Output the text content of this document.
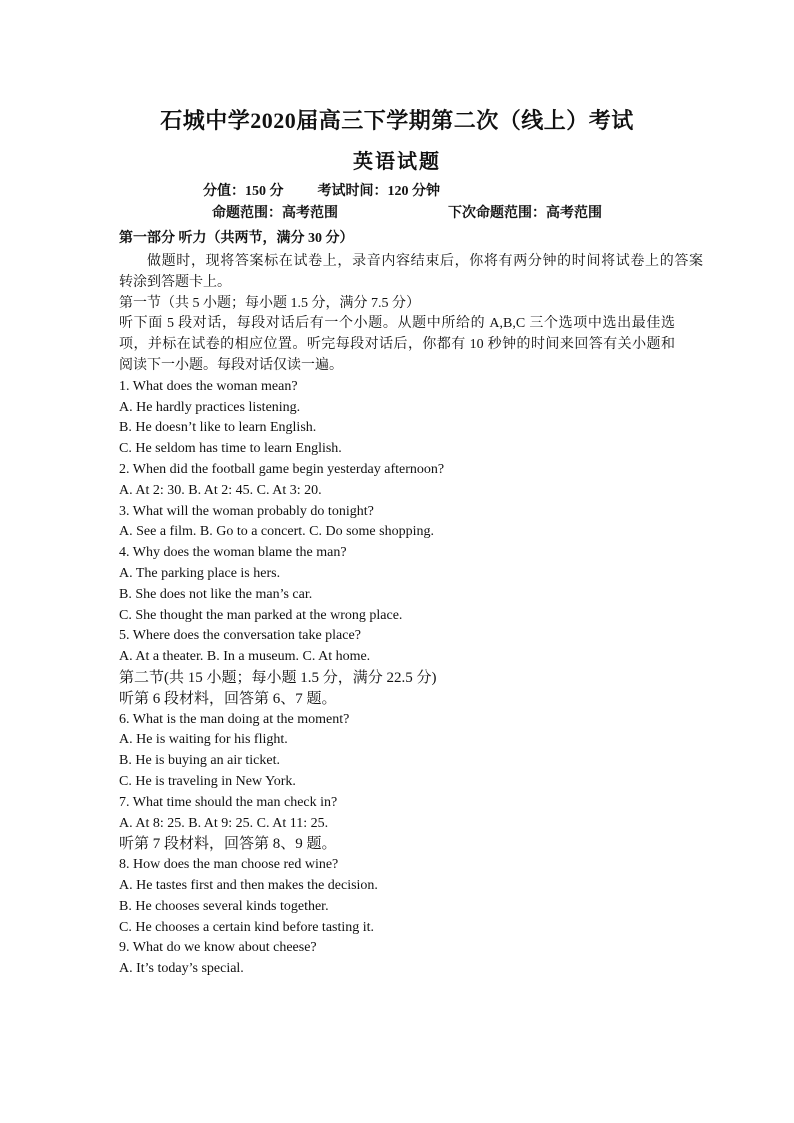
石城中学2020届高三下学期第二次（线上）考试
英语试题
分值：150 分 考试时间：120 分钟
命题范围：高考范围	下次命题范围：高考范围
第一部分 听力（共两节，满分 30 分）
做题时，现将答案标在试卷上，录音内容结束后，你将有两分钟的时间将试卷上的答案
转涂到答题卡上。
第一节（共 5 小题；每小题 1.5 分，满分 7.5 分）
听下面 5 段对话，每段对话后有一个小题。从题中所给的 A,B,C 三个选项中选出最佳选
项，并标在试卷的相应位置。听完每段对话后，你都有 10 秒钟的时间来回答有关小题和
阅读下一小题。每段对话仅读一遍。
1. What does the woman mean?
A. He hardly practices listening.
B. He doesn’t like to learn English.
C. He seldom has time to learn English.
2. When did the football game begin yesterday afternoon?
A. At 2: 30. B. At 2: 45. C. At 3: 20.
3. What will the woman probably do tonight?
A. See a film. B. Go to a concert. C. Do some shopping.
4. Why does the woman blame the man?
A. The parking place is hers.
B. She does not like the man’s car.
C. She thought the man parked at the wrong place.
5. Where does the conversation take place?
A. At a theater. B. In a museum. C. At home.
第二节(共 15 小题；每小题 1.5 分，满分 22.5 分)
听第 6 段材料，回答第 6、7 题。
6. What is the man doing at the moment?
A. He is waiting for his flight.
B. He is buying an air ticket.
C. He is traveling in New York.
7. What time should the man check in?
A. At 8: 25. B. At 9: 25. C. At 11: 25.
听第 7 段材料，回答第 8、9 题。
8. How does the man choose red wine?
A. He tastes first and then makes the decision.
B. He chooses several kinds together.
C. He chooses a certain kind before tasting it.
9. What do we know about cheese?
A. It’s today’s special.
